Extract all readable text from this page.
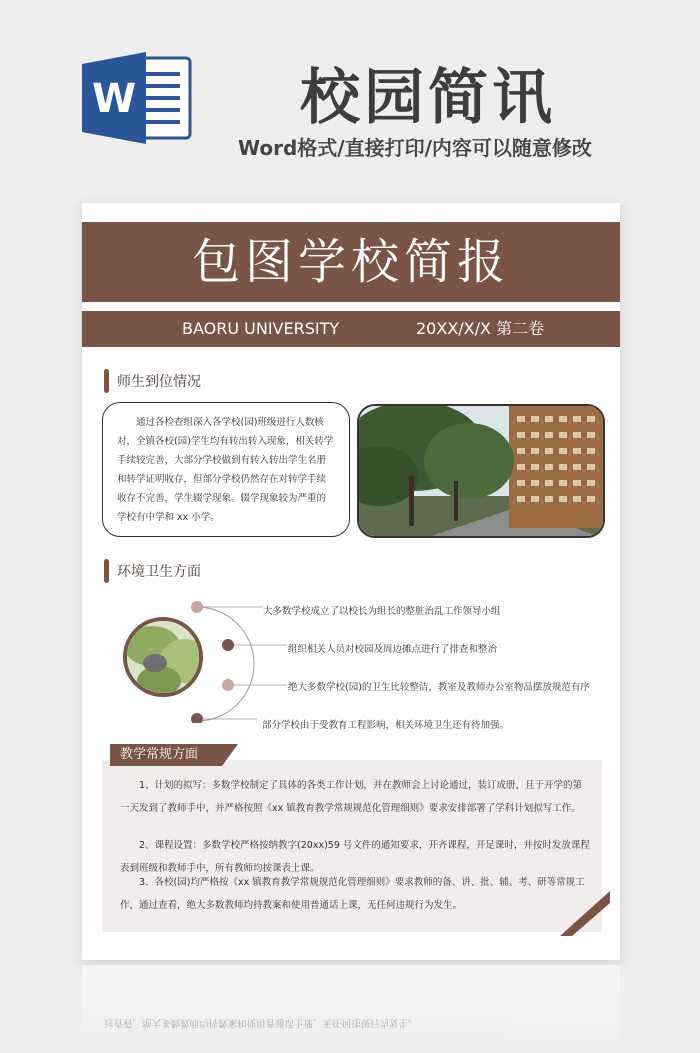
W	校园简讯
Word格式/直接打印/内容可以随意修改
包图学校简报
BAORU UNIVERSITY	20XX/X/X 第二卷
师生到位情况
通过各检查组深入各学校(园)班级进行人数核对，全镇各校(园)学生均有转出转入现象，相关转学手续较完善，大部分学校做到有转入转出学生名册和转学证明收存，但部分学校仍然存在对转学手续收存不完善，学生辍学现象。辍学现象较为严重的学校有中学和 xx 小学。
环境卫生方面
大多数学校成立了以校长为组长的整脏治乱工作领导小组
组织相关人员对校园及周边摊点进行了排查和整治
绝大多数学校(园)的卫生比较整洁，教室及教师办公室物品摆放规范有序
部分学校由于受教育工程影响，相关环境卫生还有待加强。

1、计划的拟写：多数学校制定了具体的各类工作计划，并在教师会上讨论通过，装订成册，且于开学的第一天发到了教师手中，并严格按照《xx 镇教育教学常规规范化管理细则》要求安排部署了学科计划拟写工作。

2、课程设置：多数学校严格按纳教字(20xx)59 号文件的通知要求，开齐课程，开足课时，并按时发放课程表到班级和教师手中，所有教师均按课表上课。

3、各校(园)均严格按《xx 镇教育教学常规规范化管理细则》要求教师的备、讲、批、辅、考、研等常规工作，通过查看，绝大多数教师均持教案和使用普通话上课，无任何违规行为发生。

教学常规方面
过查看，绝大多数教师均持教案和使用普通话上课，无任何违规行为发生。
